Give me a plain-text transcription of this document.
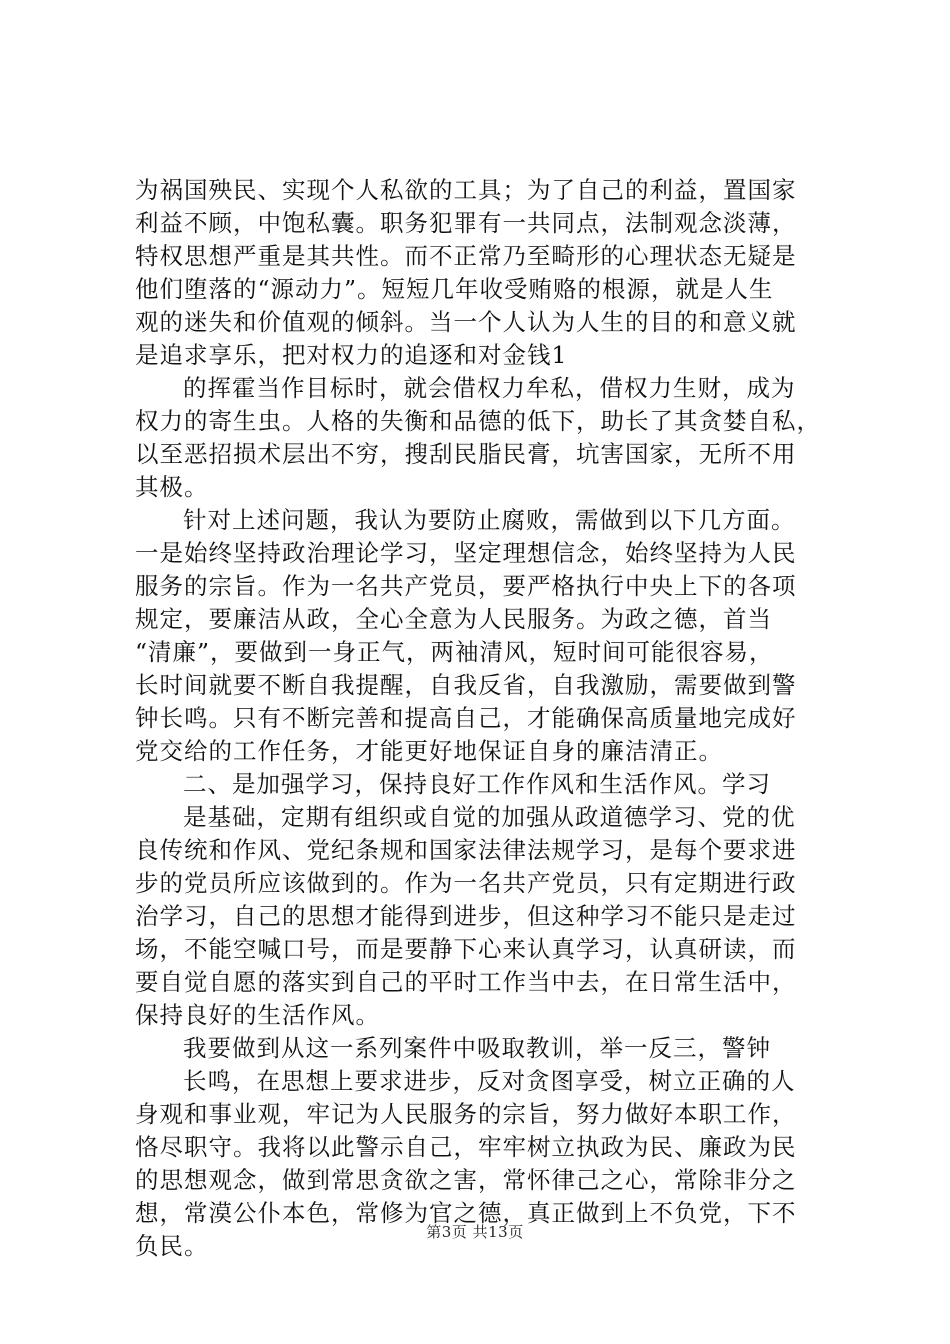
为祸国殃民、实现个人私欲的工具；为了自己的利益，置国家
利益不顾，中饱私囊。职务犯罪有一共同点，法制观念淡薄，
特权思想严重是其共性。而不正常乃至畸形的心理状态无疑是
他们堕落的“源动力”。短短几年收受贿赂的根源，就是人生
观的迷失和价值观的倾斜。当一个人认为人生的目的和意义就
是追求享乐，把对权力的追逐和对金钱1
的挥霍当作目标时，就会借权力牟私，借权力生财，成为
权力的寄生虫。人格的失衡和品德的低下，助长了其贪婪自私，
以至恶招损术层出不穷，搜刮民脂民膏，坑害国家，无所不用
其极。
针对上述问题，我认为要防止腐败，需做到以下几方面。
一是始终坚持政治理论学习，坚定理想信念，始终坚持为人民
服务的宗旨。作为一名共产党员，要严格执行中央上下的各项
规定，要廉洁从政，全心全意为人民服务。为政之德，首当
“清廉”，要做到一身正气，两袖清风，短时间可能很容易，
长时间就要不断自我提醒，自我反省，自我激励，需要做到警
钟长鸣。只有不断完善和提高自己，才能确保高质量地完成好
党交给的工作任务，才能更好地保证自身的廉洁清正。
二、是加强学习，保持良好工作作风和生活作风。学习
是基础，定期有组织或自觉的加强从政道德学习、党的优
良传统和作风、党纪条规和国家法律法规学习，是每个要求进
步的党员所应该做到的。作为一名共产党员，只有定期进行政
治学习，自己的思想才能得到进步，但这种学习不能只是走过
场，不能空喊口号，而是要静下心来认真学习，认真研读，而
要自觉自愿的落实到自己的平时工作当中去，在日常生活中，
保持良好的生活作风。
我要做到从这一系列案件中吸取教训，举一反三，警钟
长鸣，在思想上要求进步，反对贪图享受，树立正确的人
身观和事业观，牢记为人民服务的宗旨，努力做好本职工作，
恪尽职守。我将以此警示自己，牢牢树立执政为民、廉政为民
的思想观念，做到常思贪欲之害，常怀律己之心，常除非分之
想，常漠公仆本色，常修为官之德，真正做到上不负党，下不
负民。	第3页 共13页
